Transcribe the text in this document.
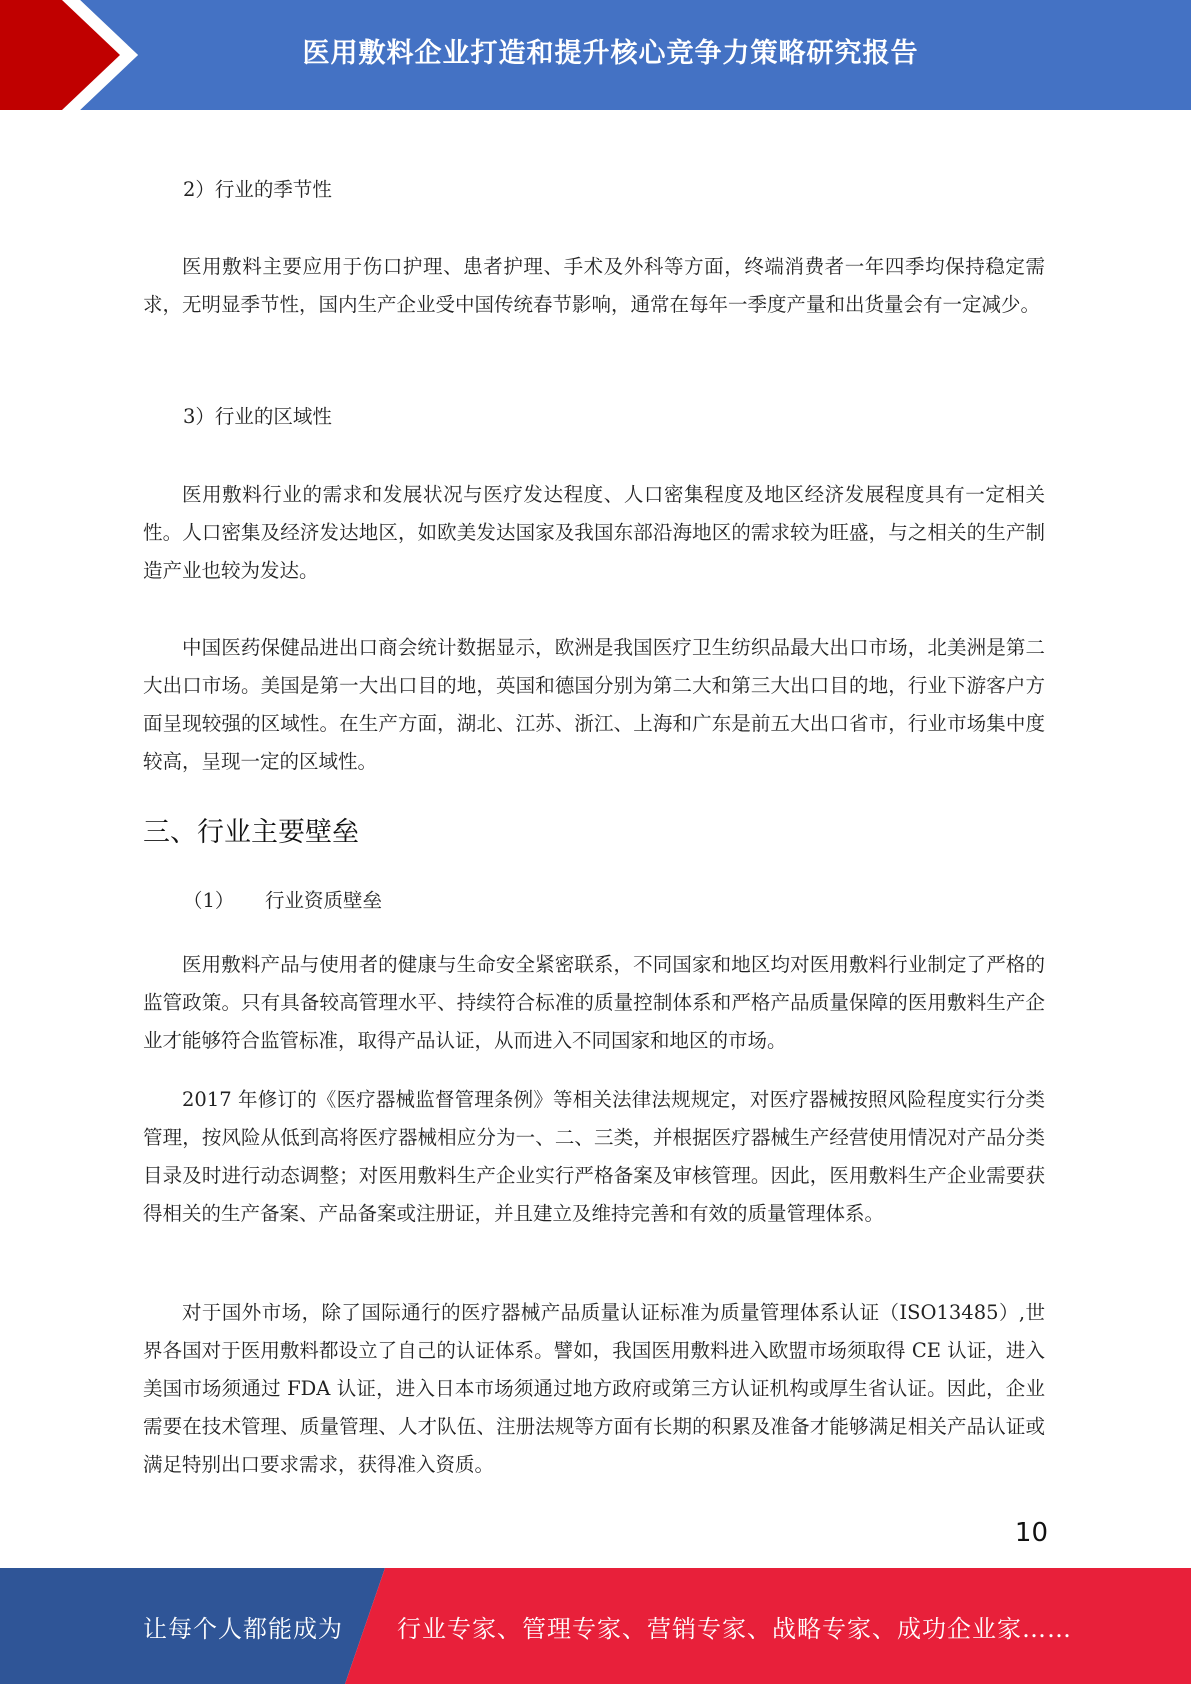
医用敷料企业打造和提升核心竞争力策略研究报告

2）行业的季节性

医用敷料主要应用于伤口护理、患者护理、手术及外科等方面，终端消费者一年四季均保持稳定需求，无明显季节性，国内生产企业受中国传统春节影响，通常在每年一季度产量和出货量会有一定减少。

3）行业的区域性

医用敷料行业的需求和发展状况与医疗发达程度、人口密集程度及地区经济发展程度具有一定相关性。人口密集及经济发达地区，如欧美发达国家及我国东部沿海地区的需求较为旺盛，与之相关的生产制造产业也较为发达。

中国医药保健品进出口商会统计数据显示，欧洲是我国医疗卫生纺织品最大出口市场，北美洲是第二大出口市场。美国是第一大出口目的地，英国和德国分别为第二大和第三大出口目的地，行业下游客户方面呈现较强的区域性。在生产方面，湖北、江苏、浙江、上海和广东是前五大出口省市，行业市场集中度较高，呈现一定的区域性。

三、行业主要壁垒

（1） 行业资质壁垒

医用敷料产品与使用者的健康与生命安全紧密联系，不同国家和地区均对医用敷料行业制定了严格的监管政策。只有具备较高管理水平、持续符合标准的质量控制体系和严格产品质量保障的医用敷料生产企业才能够符合监管标准，取得产品认证，从而进入不同国家和地区的市场。

2017 年修订的《医疗器械监督管理条例》等相关法律法规规定，对医疗器械按照风险程度实行分类管理，按风险从低到高将医疗器械相应分为一、二、三类，并根据医疗器械生产经营使用情况对产品分类目录及时进行动态调整；对医用敷料生产企业实行严格备案及审核管理。因此，医用敷料生产企业需要获得相关的生产备案、产品备案或注册证，并且建立及维持完善和有效的质量管理体系。

对于国外市场，除了国际通行的医疗器械产品质量认证标准为质量管理体系认证（ISO13485）,世界各国对于医用敷料都设立了自己的认证体系。譬如，我国医用敷料进入欧盟市场须取得 CE 认证，进入美国市场须通过 FDA 认证，进入日本市场须通过地方政府或第三方认证机构或厚生省认证。因此，企业需要在技术管理、质量管理、人才队伍、注册法规等方面有长期的积累及准备才能够满足相关产品认证或满足特别出口要求需求，获得准入资质。

10
让每个人都能成为 行业专家、管理专家、营销专家、战略专家、成功企业家……
